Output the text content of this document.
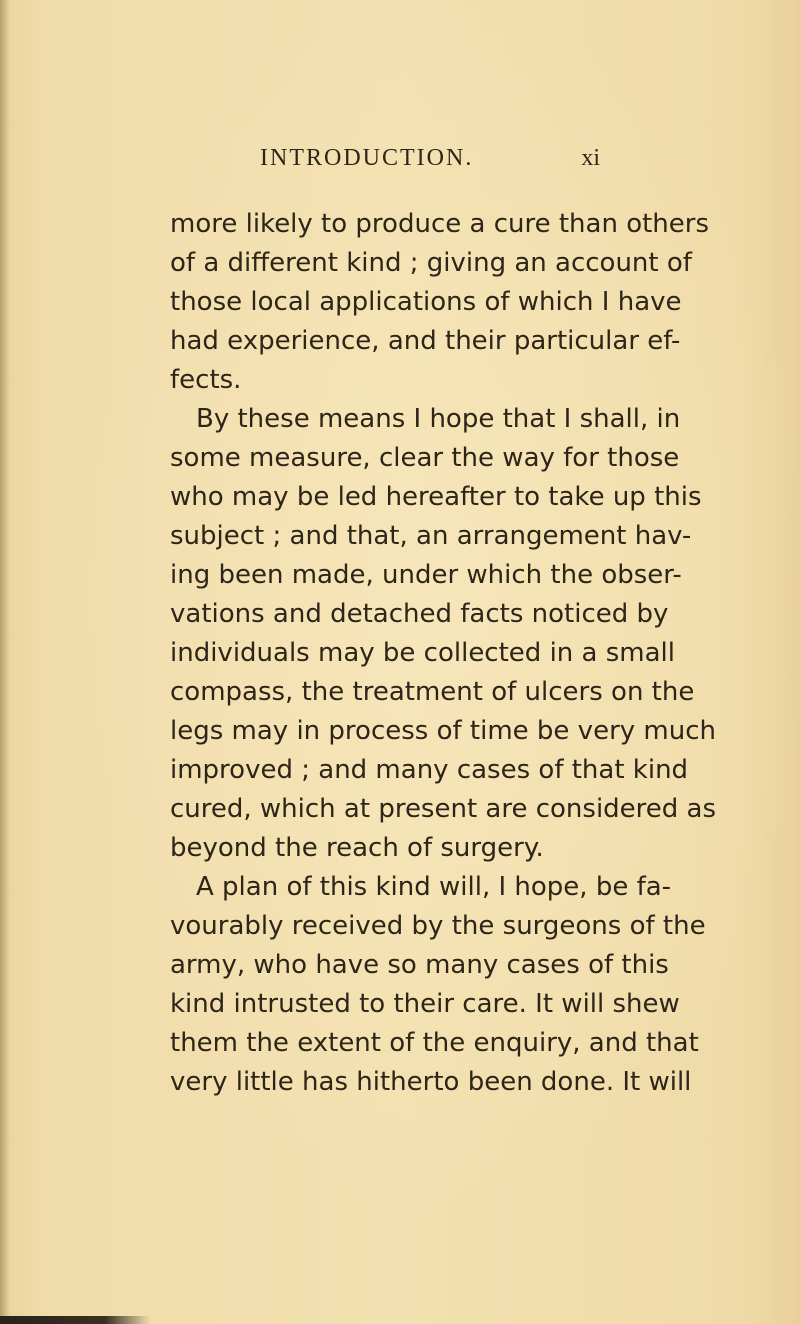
INTRODUCTION.	xi
more likely to produce a cure than others
of a different kind ; giving an account of
those local applications of which I have
had experience, and their particular ef-
fects.
By these means I hope that I shall, in
some measure, clear the way for those
who may be led hereafter to take up this
subject ; and that, an arrangement hav-
ing been made, under which the obser-
vations and detached facts noticed by
individuals may be collected in a small
compass, the treatment of ulcers on the
legs may in process of time be very much
improved ; and many cases of that kind
cured, which at present are considered as
beyond the reach of surgery.
A plan of this kind will, I hope, be fa-
vourably received by the surgeons of the
army, who have so many cases of this
kind intrusted to their care. It will shew
them the extent of the enquiry, and that
very little has hitherto been done. It will
